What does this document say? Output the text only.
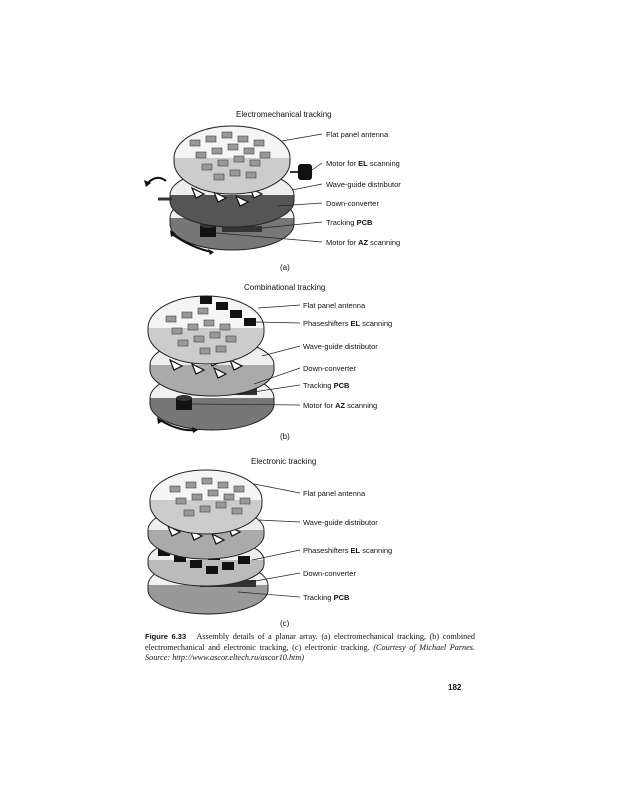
Electromechanical tracking
Flat panel antenna
Motor for EL scanning
Wave-guide distributor
Down-converter
Tracking PCB
Motor for AZ scanning
(a)
Combinational tracking
Flat panel antenna
Phaseshifters EL scanning
Wave-guide distributor
Down-converter
Tracking PCB
Motor for AZ scanning
(b)
Electronic tracking
Flat panel antenna
Wave-guide distributor
Phaseshifters EL scanning
Down-converter
Tracking PCB
(c)
Figure 6.33 Assembly details of a planar array. (a) electromechanical tracking, (b) combined electromechanical and electronic tracking, (c) electronic tracking. (Courtesy of Michael Parnes. Source: http://www.ascor.eltech.ru/ascor10.htm)
182
